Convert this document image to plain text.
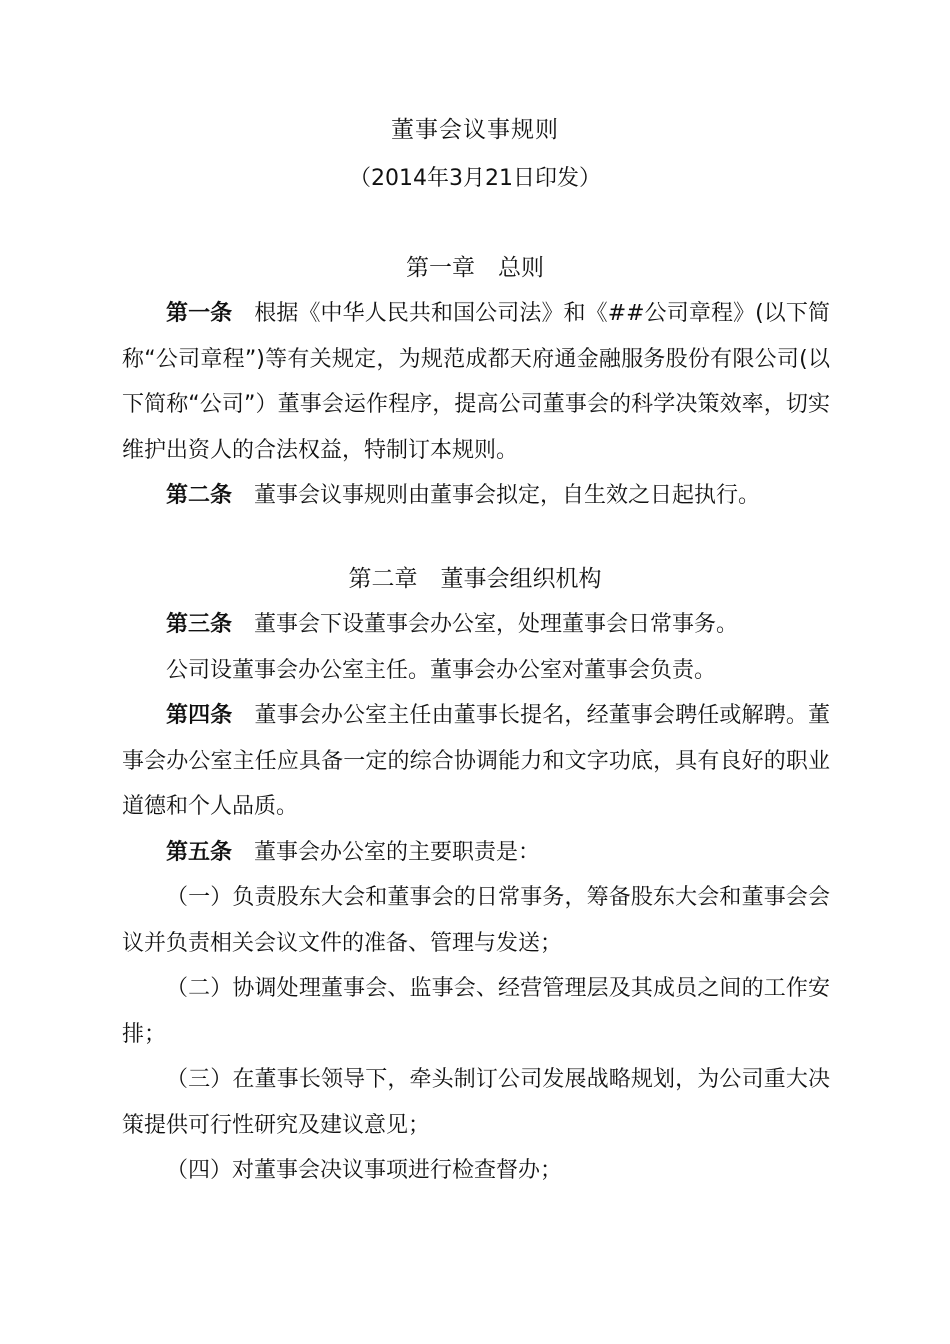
董事会议事规则
（2014年3月21日印发）
第一章　总则

第一条 根据《中华人民共和国公司法》和《##公司章程》(以下简称“公司章程”)等有关规定，为规范成都天府通金融服务股份有限公司(以下简称“公司”）董事会运作程序，提高公司董事会的科学决策效率，切实维护出资人的合法权益，特制订本规则。

第二条 董事会议事规则由董事会拟定，自生效之日起执行。

第二章　董事会组织机构

第三条 董事会下设董事会办公室，处理董事会日常事务。

公司设董事会办公室主任。董事会办公室对董事会负责。

第四条 董事会办公室主任由董事长提名，经董事会聘任或解聘。董事会办公室主任应具备一定的综合协调能力和文字功底，具有良好的职业道德和个人品质。

第五条 董事会办公室的主要职责是：

（一）负责股东大会和董事会的日常事务，筹备股东大会和董事会会议并负责相关会议文件的准备、管理与发送；

（二）协调处理董事会、监事会、经营管理层及其成员之间的工作安排；

（三）在董事长领导下，牵头制订公司发展战略规划，为公司重大决策提供可行性研究及建议意见；

（四）对董事会决议事项进行检查督办；
